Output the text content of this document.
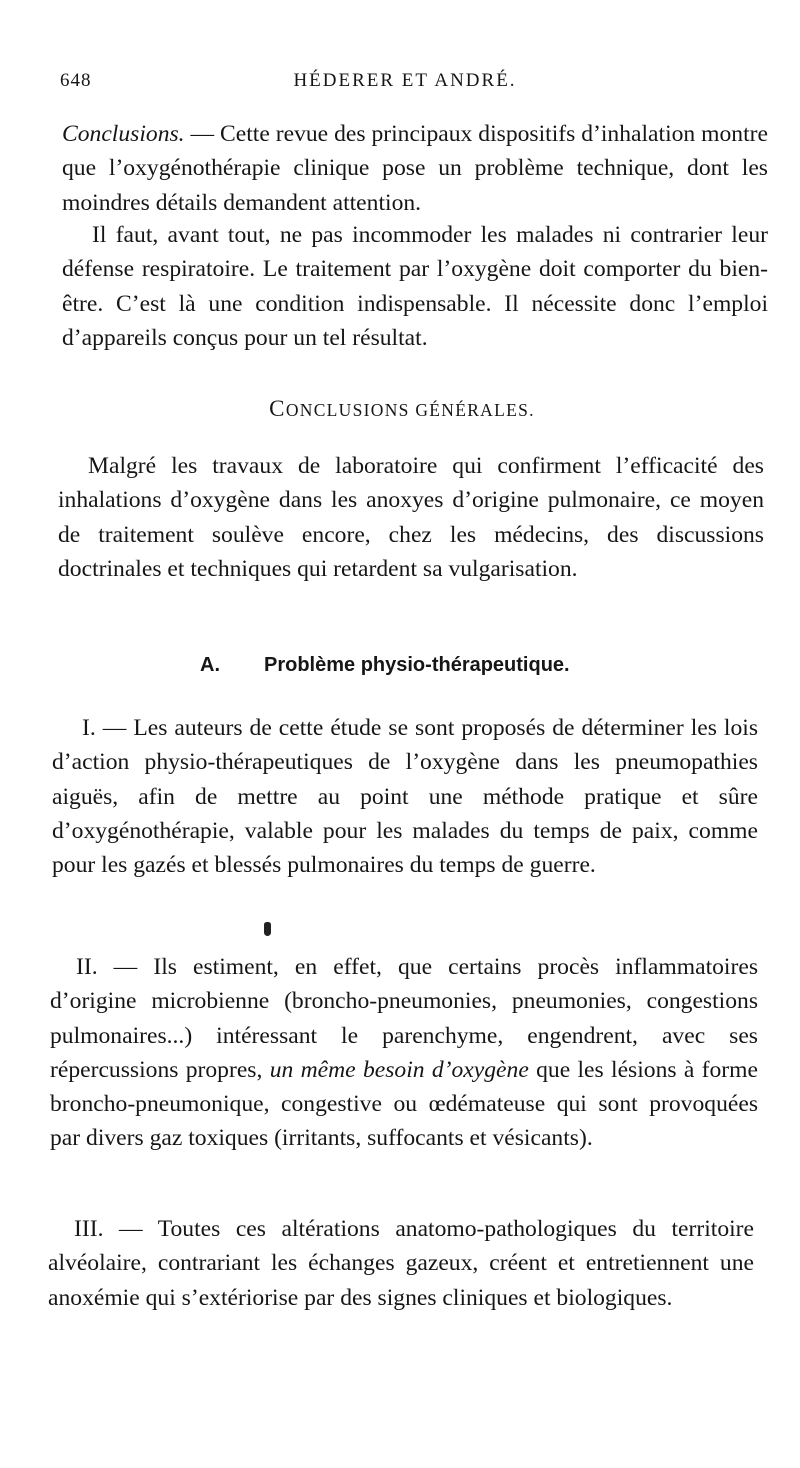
648	HÉDERER ET ANDRÉ.

Conclusions. — Cette revue des principaux dispositifs d’inhalation montre que l’oxygénothérapie clinique pose un problème technique, dont les moindres détails demandent attention.

Il faut, avant tout, ne pas incommoder les malades ni contrarier leur défense respiratoire. Le traitement par l’oxygène doit comporter du bien-être. C’est là une condition indispensable. Il nécessite donc l’emploi d’appareils conçus pour un tel résultat.

CONCLUSIONS GÉNÉRALES.

Malgré les travaux de laboratoire qui confirment l’efficacité des inhalations d’oxygène dans les anoxyes d’origine pulmonaire, ce moyen de traitement soulève encore, chez les médecins, des discussions doctrinales et techniques qui retardent sa vulgarisation.

A. Problème physio-thérapeutique.

I. — Les auteurs de cette étude se sont proposés de déterminer les lois d’action physio-thérapeutiques de l’oxygène dans les pneumopathies aiguës, afin de mettre au point une méthode pratique et sûre d’oxygénothérapie, valable pour les malades du temps de paix, comme pour les gazés et blessés pulmonaires du temps de guerre.

II. — Ils estiment, en effet, que certains procès inflammatoires d’origine microbienne (broncho-pneumonies, pneumonies, congestions pulmonaires...) intéressant le parenchyme, engendrent, avec ses répercussions propres, un même besoin d’oxygène que les lésions à forme broncho-pneumonique, congestive ou œdémateuse qui sont provoquées par divers gaz toxiques (irritants, suffocants et vésicants).

III. — Toutes ces altérations anatomo-pathologiques du territoire alvéolaire, contrariant les échanges gazeux, créent et entretiennent une anoxémie qui s’extériorise par des signes cliniques et biologiques.
